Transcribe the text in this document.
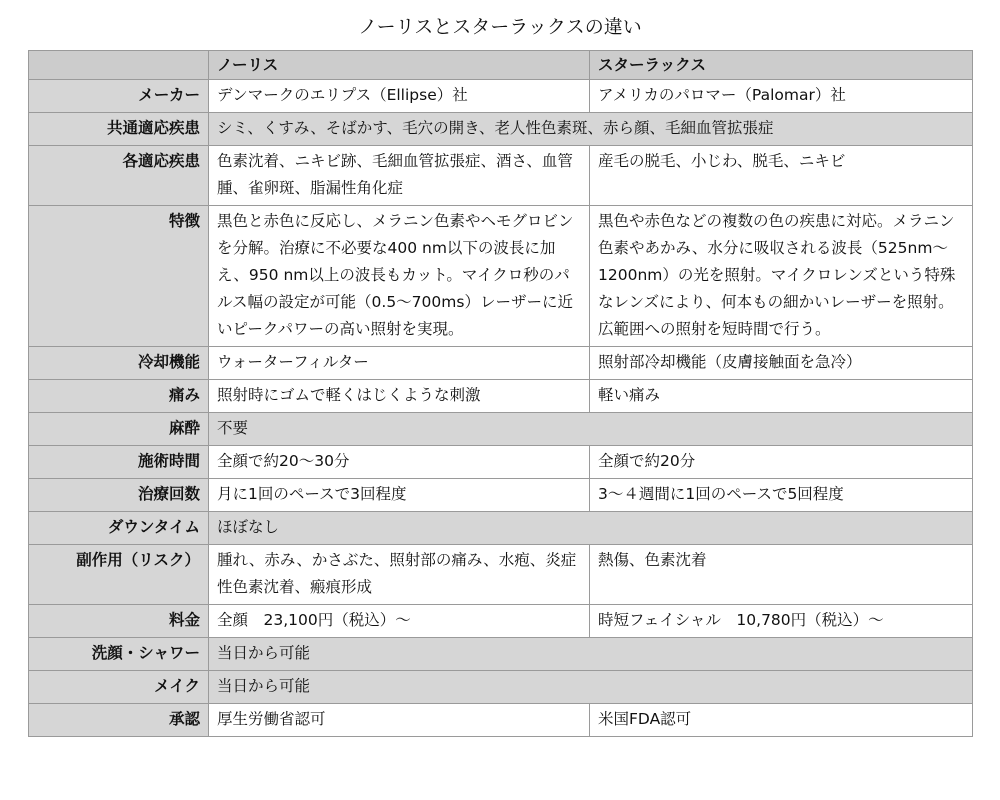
ノーリスとスターラックスの違い
	ノーリス	スターラックス
メーカー	デンマークのエリプス（Ellipse）社	アメリカのパロマー（Palomar）社
共通適応疾患	シミ、くすみ、そばかす、毛穴の開き、老人性色素斑、赤ら顔、毛細血管拡張症	
各適応疾患	色素沈着、ニキビ跡、毛細血管拡張症、酒さ、血管腫、雀卵斑、脂漏性角化症	産毛の脱毛、小じわ、脱毛、ニキビ
特徴	黒色と赤色に反応し、メラニン色素やヘモグロビンを分解。治療に不必要な400 nm以下の波長に加え、950 nm以上の波長もカット。マイクロ秒のパルス幅の設定が可能（0.5〜700ms）レーザーに近いピークパワーの高い照射を実現。	黒色や赤色などの複数の色の疾患に対応。メラニン色素やあかみ、水分に吸収される波長（525nm〜1200nm）の光を照射。マイクロレンズという特殊なレンズにより、何本もの細かいレーザーを照射。広範囲への照射を短時間で行う。
冷却機能	ウォーターフィルター	照射部冷却機能（皮膚接触面を急冷）
痛み	照射時にゴムで軽くはじくような刺激	軽い痛み
麻酔	不要	
施術時間	全顔で約20〜30分	全顔で約20分
治療回数	月に1回のペースで3回程度	3〜４週間に1回のペースで5回程度
ダウンタイム	ほぼなし	
副作用（リスク）	腫れ、赤み、かさぶた、照射部の痛み、水疱、炎症性色素沈着、瘢痕形成	熱傷、色素沈着
料金	全顔　23,100円（税込）〜	時短フェイシャル　10,780円（税込）〜
洗顔・シャワー	当日から可能	
メイク	当日から可能	
承認	厚生労働省認可	米国FDA認可
